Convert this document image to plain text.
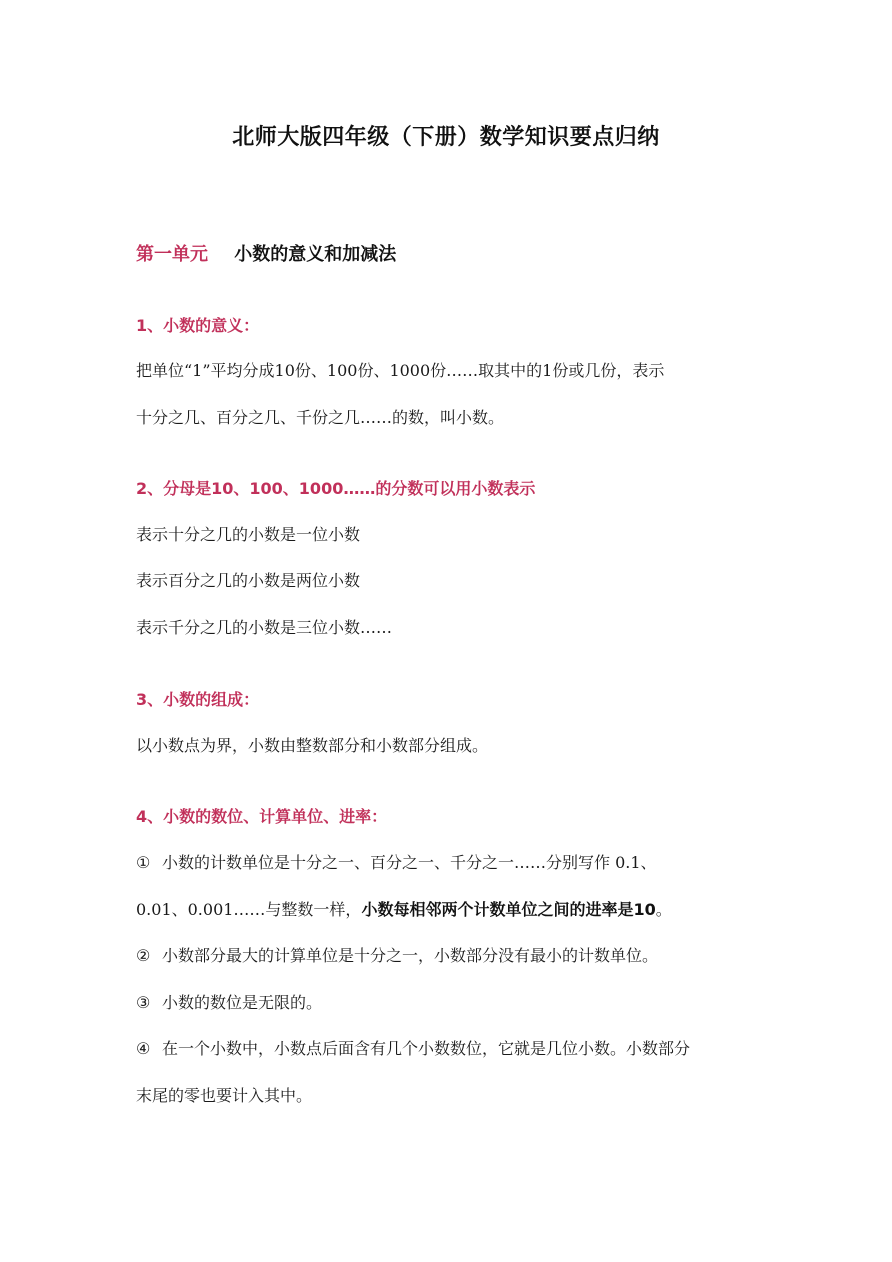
北师大版四年级（下册）数学知识要点归纳
第一单元 小数的意义和加减法
1、小数的意义：
把单位“1”平均分成10份、100份、1000份……取其中的1份或几份，表示
十分之几、百分之几、千份之几……的数，叫小数。
2、分母是10、100、1000……的分数可以用小数表示
表示十分之几的小数是一位小数
表示百分之几的小数是两位小数
表示千分之几的小数是三位小数……
3、小数的组成：
以小数点为界，小数由整数部分和小数部分组成。
4、小数的数位、计算单位、进率：
① 小数的计数单位是十分之一、百分之一、千分之一……分别写作 0.1、
0.01、0.001……与整数一样，小数每相邻两个计数单位之间的进率是10。
② 小数部分最大的计算单位是十分之一，小数部分没有最小的计数单位。
③ 小数的数位是无限的。
④ 在一个小数中，小数点后面含有几个小数数位，它就是几位小数。小数部分
末尾的零也要计入其中。
